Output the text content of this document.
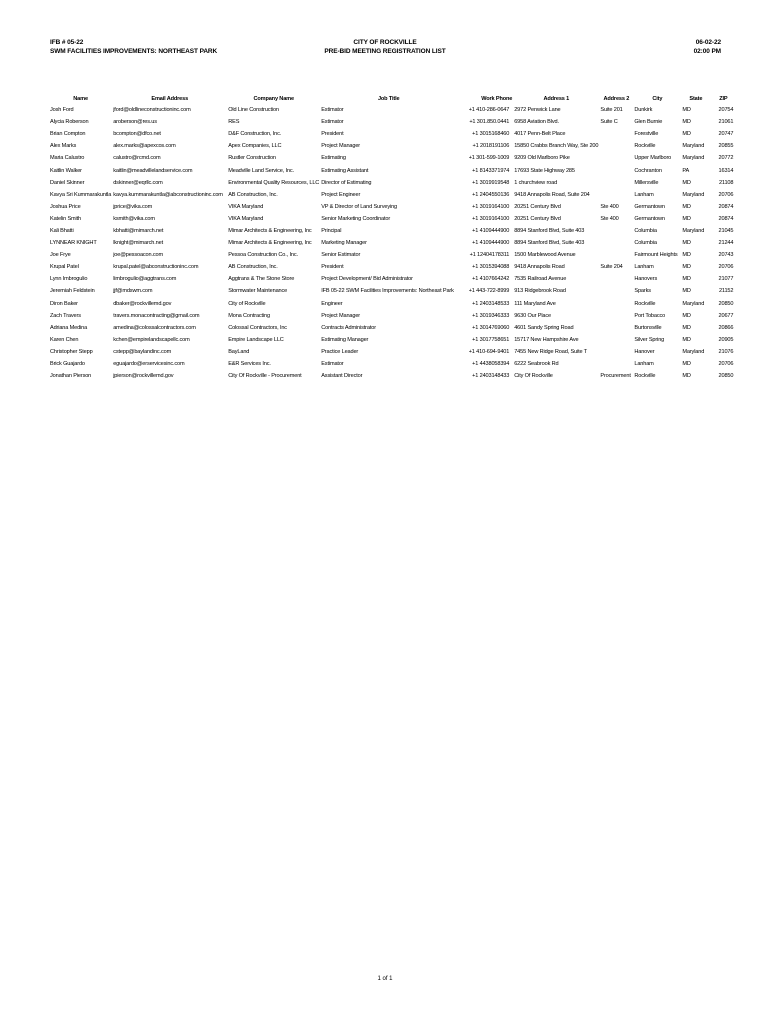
IFB # 05-22
SWM FACILITIES IMPROVEMENTS: NORTHEAST PARK
CITY OF ROCKVILLE
PRE-BID MEETING REGISTRATION LIST
06-02-22
02:00 PM
Name	Email Address	Company Name	Job Title	Work Phone	Address 1	Address 2	City	State	ZIP
Josh Ford	jford@oldlineconstructioninc.com	Old Line Construction	Estimator	+1 410-286-0647	2972 Penwick Lane	Suite 201	Dunkirk	MD	20754
Alycia Roberson	aroberson@res.us	RES	Estimator	+1 301.850.0441	6958 Aviation Blvd.	Suite C	Glen Burnie	MD	21061
Brian Compton	bcompton@dfco.net	D&F Construction, Inc.	President	+1 3015168460	4017 Penn-Belt Place		Forestville	MD	20747
Alex Marks	alex.marks@apexcos.com	Apex Companies, LLC	Project Manager	+1 2018191106	15850 Crabbs Branch Way, Ste 200		Rockville	Maryland	20855
Maria Calustro	calustro@rcmd.com	Rustler Construction	Estimating	+1 301-599-1009	9209 Old Marlboro Pike		Upper Marlboro	Maryland	20772
Kaitlin Walker	kaitlin@meadvillelandservice.com	Meadville Land Service, Inc.	Estimating Assistant	+1 8143371974	17693 State Highway 285		Cochranton	PA	16314
Daniel Skinner	dskinner@eqrllc.com	Environmental Quality Resources, LLC	Director of Estimating	+1 3019919548	1 churchview road		Millersville	MD	21108
Kavya Sri Kummarakuntla	kavya.kummarakuntla@abconstructioninc.com	AB Construction, Inc.	Project Engineer	+1 2404550136	9418 Annapolis Road, Suite 204		Lanham	Maryland	20706
Joshua Price	jprice@vika.com	VIKA Maryland	VP & Director of Land Surveying	+1 3019164100	20251 Century Blvd	Ste 400	Germantown	MD	20874
Katelin Smith	ksmith@vika.com	VIKA Maryland	Senior Marketing Coordinator	+1 3019164100	20251 Century Blvd	Ste 400	Germantown	MD	20874
Kali Bhatti	kbhatti@mimarch.net	Mimar Architects & Engineering, Inc	Principal	+1 4109444900	8894 Stanford Blvd, Suite 403		Columbia	Maryland	21045
LYNNEAR KNIGHT	lknight@mimarch.net	Mimar Architects & Engineering, Inc	Marketing Manager	+1 4109444900	8894 Stanford Blvd, Suite 403		Columbia	MD	21244
Joe Frye	joe@pessoacon.com	Pessoa Construction Co., Inc.	Senior Estimator	+1 12404178311	1500 Marblewood Avenue		Fairmount Heights	MD	20743
Krupal Patel	krupal.patel@abconstructioninc.com	AB Construction, Inc.	President	+1 3015394088	9418 Annapolis Road	Suite 204	Lanham	MD	20706
Lynn Imbrogulio	limbrogulio@aggtrans.com	Aggtrans & The Stone Store	Project Development/ Bid Administrator	+1 4107664242	7535 Railroad Avenue		Hanovers	MD	21077
Jeremiah Feldstein	jjf@mdswm.com	Stormwater Maintenance	IFB 05-22 SWM Facilities Improvements: Northeast Park	+1 443-722-8999	913 Ridgebrook Road		Sparks	MD	21152
Diron Baker	dbaker@rockvillemd.gov	City of Rockville	Engineer	+1 2403148533	111 Maryland Ave		Rockville	Maryland	20850
Zach Travers	travers.monacontracting@gmail.com	Mona Contracting	Project Manager	+1 3019346333	9630 Our Place		Port Tobacco	MD	20677
Adriana Medina	amedina@colossalcontractors.com	Colossal Contractors, Inc	Contracts Administrator	+1 3014769060	4601 Sandy Spring Road		Burtonsville	MD	20866
Karen Chen	kchen@empirelandscapellc.com	Empire Landscape LLC	Estimating Manager	+1 3017758651	15717 New Hampshire Ave		Silver Spring	MD	20905
Christopher Stepp	cstepp@baylandinc.com	BayLand	Practice Leader	+1 410-694-9401	7455 New Ridge Road, Suite T		Hanover	Maryland	21076
Brick Guajardo	eguajardo@erservicesinc.com	E&R Services Inc.	Estimator	+1 4438058394	6222 Seabrook Rd		Lanham	MD	20706
Jonathan Pierson	jpierson@rockvillemd.gov	City Of Rockville - Procurement	Assistant Director	+1 2403148433	City Of Rockville	Procurement	Rockville	MD	20850
1 of 1
